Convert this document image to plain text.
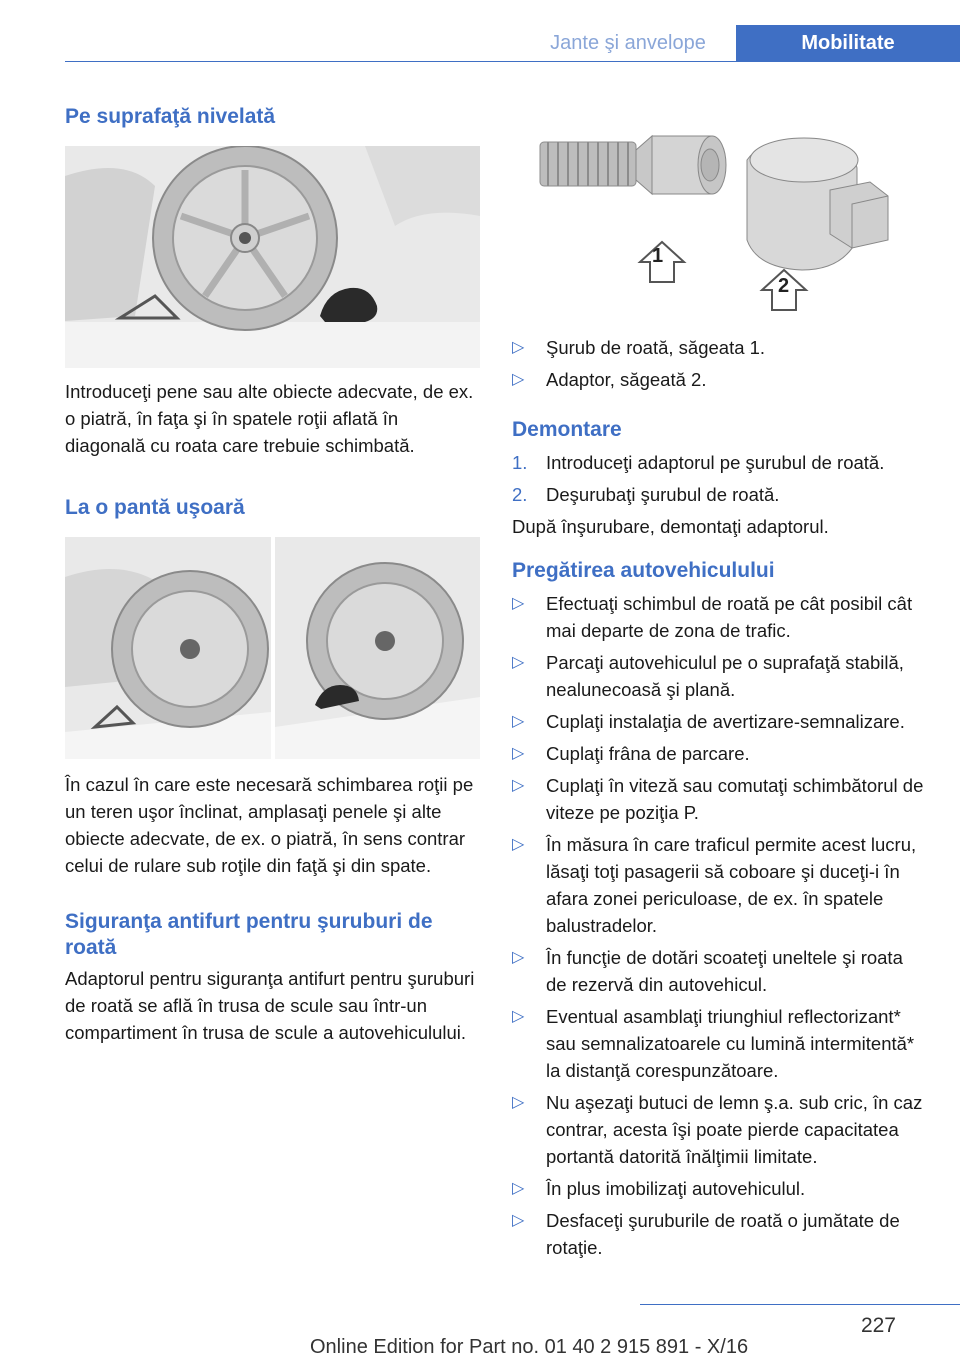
Jante şi anvelope	Mobilitate
Pe suprafaţă nivelată

Introduceţi pene sau alte obiecte adecvate, de ex. o piatră, în faţa şi în spatele roţii aflată în diagonală cu roata care trebuie schimbată.

La o pantă uşoară

În cazul în care este necesară schimbarea roţii pe un teren uşor înclinat, amplasaţi penele şi alte obiecte adecvate, de ex. o piatră, în sens contrar celui de rulare sub roţile din faţă şi din spate.

Siguranţa antifurt pentru şuruburi de roată

Adaptorul pentru siguranţa antifurt pentru şuruburi de roată se află în trusa de scule sau într-un compartiment în trusa de scule a autovehiculului.

1
2
▷ Şurub de roată, săgeata 1.
▷ Adaptor, săgeată 2.
Demontare
1. Introduceţi adaptorul pe şurubul de roată.
2. Deşurubaţi şurubul de roată.

După înşurubare, demontaţi adaptorul.

Pregătirea autovehiculului
▷ Efectuaţi schimbul de roată pe cât posibil cât mai departe de zona de trafic.
▷ Parcaţi autovehiculul pe o suprafaţă stabilă, nealunecoasă şi plană.
▷ Cuplaţi instalaţia de avertizare-semnalizare.
▷ Cuplaţi frâna de parcare.
▷ Cuplaţi în viteză sau comutaţi schimbătorul de viteze pe poziţia P.
▷ În măsura în care traficul permite acest lucru, lăsaţi toţi pasagerii să coboare şi duceţi-i în afara zonei periculoase, de ex. în spatele balustradelor.
▷ În funcţie de dotări scoateţi uneltele şi roata de rezervă din autovehicul.
▷ Eventual asamblaţi triunghiul reflectorizant* sau semnalizatoarele cu lumină intermitentă* la distanţă corespunzătoare.
▷ Nu aşezaţi butuci de lemn ş.a. sub cric, în caz contrar, acesta îşi poate pierde capacitatea portantă datorită înălţimii limitate.
▷ În plus imobilizaţi autovehiculul.
▷ Desfaceţi şuruburile de roată o jumătate de rotaţie.
227
Online Edition for Part no. 01 40 2 915 891 - X/16
